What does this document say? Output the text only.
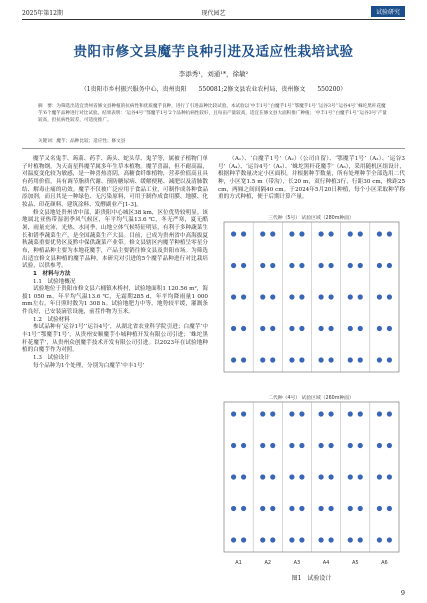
2025年第12期	现代园艺	试验研究
贵阳市修文县魔芋良种引进及适应性栽培试验
李添秀¹，刘通¹*，徐敏²
（1贵阳市乡村振兴服务中心，贵州贵阳　　550081;2修文县农业农村局，贵州修文　　550200）
摘　要：为筛选出适宜贵州省修文县种植的抗病性和优质魔芋良种，进行了引进品种比较试验。本试验以‘中丰1号’‘白魔芋1号’‘鄂魔芋1号’‘运谷3号’‘运谷4号’‘蛛坨黑秆花魔芋’6个魔芋品种进行对比试验。结果表明：‘运谷4号’‘鄂魔芋1号’2个品种抗病性较好，且每亩产量较高，适宜在修文县大面积推广种植；‘中丰1号’‘白魔芋1号’‘运谷3号’产量较高，但抗病性较差，可适度推广。
关键词：魔芋；品种比较；适应性；修文县

魔芋又名鬼芋、蒟蒻、药芋、蒟头、蛇头草、鬼芋等，属被子植物门单子叶植物纲，为天南星科魔芋属多年生草本植物。魔芋喜温，但不耐高温，对温度变化较为敏感，是一种喜热喜阴，高糖食纤维植物，营养价值高且具有药用价值，具有调节脂质代谢、预防糖尿病、缓解便秘、减肥以及清肺散结、解毒止痛的功效。魔芋不仅被广泛应用于食品工业，可制作成各种食品添加剂，而且其是一种绿色、无污染原料，可用于制作成食用膜、地膜、化妆品、印花颜料、建筑涂料、发酵副业产[1-3]。

修文县地处贵州省中部，距贵阳中心城区38 km，区位优势较明显。该地属北亚热带湿润季风气候区，年平均气温13.6 ℃，冬无严寒，夏无酷暑，雨量充沛，光热、水同季，山地立体气候特征明显，有利于多种蔬菜生长和错季蔬菜生产，是全国蔬菜生产大县。目前，已成为贵州省中高海拔夏秋蔬菜重要优势区及黔中保供蔬菜产业带。修文县辖区内魔芋种植呈零星分布，种植品种主要为本地花魔芋，产品主要销往修文县及贵阳市场。为筛选出适宜修文县种植的魔芋品种，本研究对引进的5个魔芋品种进行对比栽培试验，以供参考。

1　材料与方法

1.1　试验地概况

试验地位于贵阳市修文县六桶镇木桥村，试验地面积1 120.56 m²，海拔1 050 m，年平均气温13.6 ℃，无霜期285 d，年平均降雨量1 000 mm左右，年日照时数为1 308 h。试验地肥力中等，地势较平缓，灌溉条件良好，已安装滴管设施，前茬作物为玉米。

1.2　试验材料

参试品种有‘运谷1号’‘运谷4号’，从湖北省农业科学院引进；白魔芋‘中丰1号’‘鄂魔芋1号’，从贵州安顺魔芋小城种植开发有限公司引进；‘蛛坨黑秆花魔芋’，从贵州众创魔芋技术开发有限公司引进。以2023年在试验地种植的白魔芋作为对照。

1.3　试验设计

每个品种为1个处理，分别为白魔芋‘中丰1号’

（A₁）、‘白魔芋1号’（A₂）（公司自留）、‘鄂魔芋1号’（A₃）、‘运谷3号’（A₄）、‘运谷4号’（A₅）、‘蛛坨黑秆花魔芋’（A₆），采用随机区组设计，根据种芋数量决定小区面积，并根据种芋数量，所有处理种芋全部选用二代种，小区宽1.5 m（带沟），长20 m，双行种植3行，行距30 cm，株距25 cm，两厢之间间隔40 cm。于2024年5月20日种植，每个小区采取种芋称重的方式种植，便于后期计算产量。

三代种（5号） 试验区域（280m种面）
二代种（4号） 试验区域（260m种面）
A1	A2	A3	A4	A5	A6
图1　试验设计
9
